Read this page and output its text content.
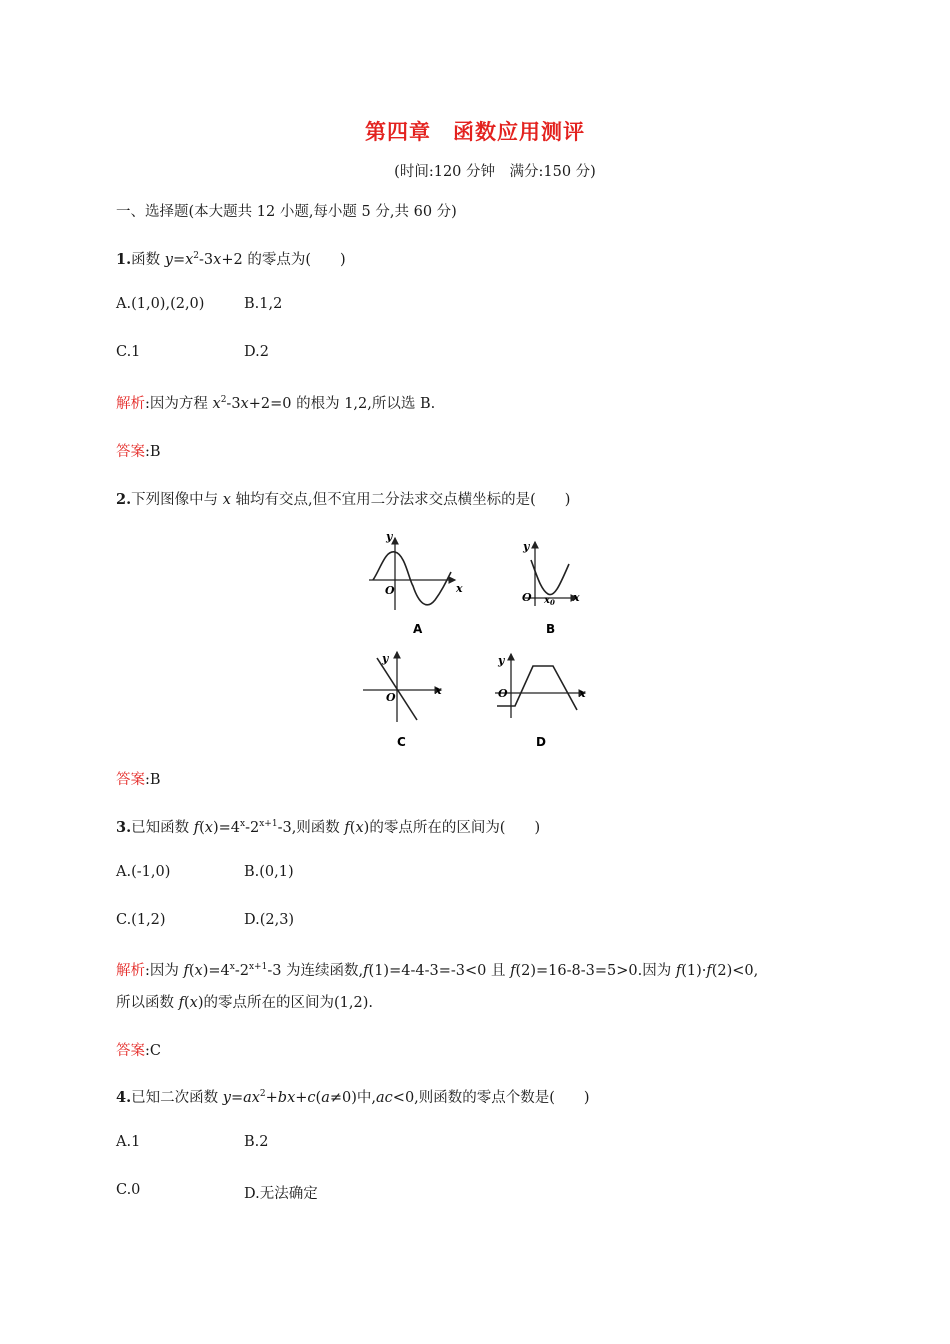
第四章　函数应用测评
(时间:120 分钟　满分:150 分)
一、选择题(本大题共 12 小题,每小题 5 分,共 60 分)
1.函数 $y=x^2-3x+2$ 的零点为(　　)
A.(1,0),(2,0)	B.1,2
C.1	D.2
解析:因为方程 $x^2-3x+2=0$ 的根为 1,2,所以选 B.
答案:B
2.下列图像中与 x 轴均有交点,但不宜用二分法求交点横坐标的是(　　)
y
x
O
A
y
x
O $x_0$
B
y
x
O
C
y
x
O
D
答案:B
3.已知函数 $f(x)=4^x-2^{x+1}-3$,则函数 f(x)的零点所在的区间为(　　)
A.(-1,0)	B.(0,1)
C.(1,2)	D.(2,3)
解析:因为 $f(x)=4^x-2^{x+1}-3$ 为连续函数,f(1)=4-4-3=-3<0 且 f(2)=16-8-3=5>0.因为 f(1)·f(2)<0,
所以函数 f(x)的零点所在的区间为(1,2).
答案:C
4.已知二次函数 $y=ax^2+bx+c(a\ne 0)$中,ac<0,则函数的零点个数是(　　)
A.1	B.2
C.0	D.无法确定
